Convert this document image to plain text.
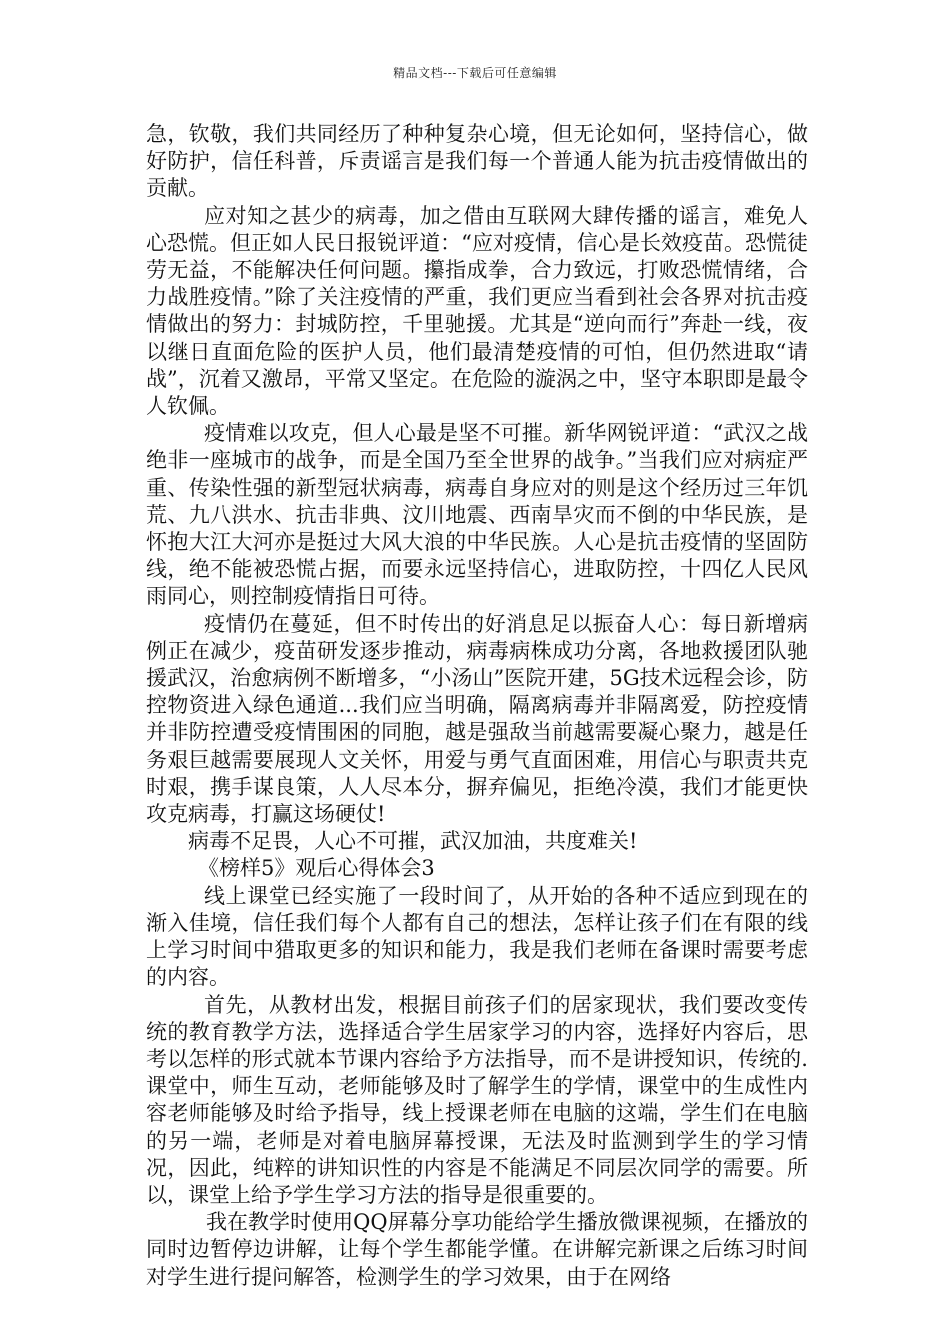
精品文档---下载后可任意编辑

急，钦敬，我们共同经历了种种复杂心境，但无论如何，坚持信心，做好防护，信任科普，斥责谣言是我们每一个普通人能为抗击疫情做出的贡献。

应对知之甚少的病毒，加之借由互联网大肆传播的谣言，难免人心恐慌。但正如人民日报锐评道：“应对疫情，信心是长效疫苗。恐慌徒劳无益，不能解决任何问题。攥指成拳，合力致远，打败恐慌情绪，合力战胜疫情。”除了关注疫情的严重，我们更应当看到社会各界对抗击疫情做出的努力：封城防控，千里驰援。尤其是“逆向而行”奔赴一线，夜以继日直面危险的医护人员，他们最清楚疫情的可怕，但仍然进取“请战”，沉着又激昂，平常又坚定。在危险的漩涡之中，坚守本职即是最令人钦佩。

疫情难以攻克，但人心最是坚不可摧。新华网锐评道：“武汉之战绝非一座城市的战争，而是全国乃至全世界的战争。”当我们应对病症严重、传染性强的新型冠状病毒，病毒自身应对的则是这个经历过三年饥荒、九八洪水、抗击非典、汶川地震、西南旱灾而不倒的中华民族，是怀抱大江大河亦是挺过大风大浪的中华民族。人心是抗击疫情的坚固防线，绝不能被恐慌占据，而要永远坚持信心，进取防控，十四亿人民风雨同心，则控制疫情指日可待。

疫情仍在蔓延，但不时传出的好消息足以振奋人心：每日新增病例正在减少，疫苗研发逐步推动，病毒病株成功分离，各地救援团队驰援武汉，治愈病例不断增多，“小汤山”医院开建，5G技术远程会诊，防控物资进入绿色通道...我们应当明确，隔离病毒并非隔离爱，防控疫情并非防控遭受疫情围困的同胞，越是强敌当前越需要凝心聚力，越是任务艰巨越需要展现人文关怀，用爱与勇气直面困难，用信心与职责共克时艰，携手谋良策，人人尽本分，摒弃偏见，拒绝冷漠，我们才能更快攻克病毒，打赢这场硬仗!

病毒不足畏，人心不可摧，武汉加油，共度难关!

《榜样5》观后心得体会3

线上课堂已经实施了一段时间了，从开始的各种不适应到现在的渐入佳境，信任我们每个人都有自己的想法，怎样让孩子们在有限的线上学习时间中猎取更多的知识和能力，我是我们老师在备课时需要考虑的内容。

首先，从教材出发，根据目前孩子们的居家现状，我们要改变传统的教育教学方法，选择适合学生居家学习的内容，选择好内容后，思考以怎样的形式就本节课内容给予方法指导，而不是讲授知识，传统的.课堂中，师生互动，老师能够及时了解学生的学情，课堂中的生成性内容老师能够及时给予指导，线上授课老师在电脑的这端，学生们在电脑的另一端，老师是对着电脑屏幕授课，无法及时监测到学生的学习情况，因此，纯粹的讲知识性的内容是不能满足不同层次同学的需要。所以，课堂上给予学生学习方法的指导是很重要的。

我在教学时使用QQ屏幕分享功能给学生播放微课视频，在播放的同时边暂停边讲解，让每个学生都能学懂。在讲解完新课之后练习时间对学生进行提问解答，检测学生的学习效果，由于在网络
